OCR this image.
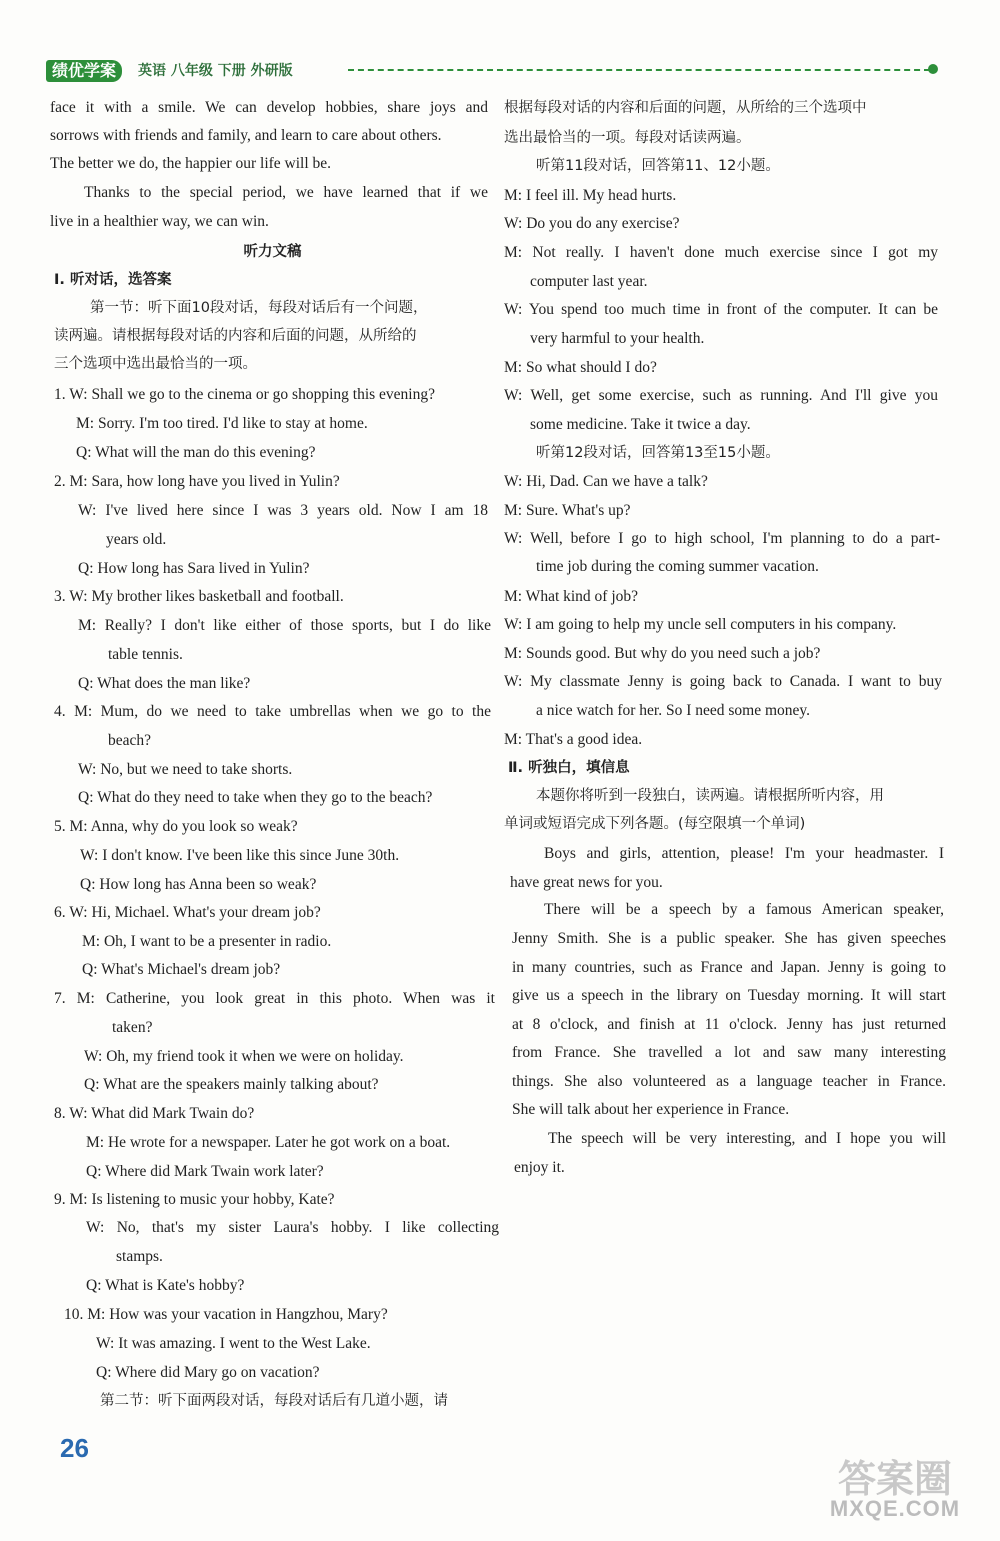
绩优学案	英语 八年级 下册 外研版
face it with a smile. We can develop hobbies, share joys and
sorrows with friends and family, and learn to care about others.
The better we do, the happier our life will be.
Thanks to the special period, we have learned that if we
live in a healthier way, we can win.
听力文稿
Ⅰ. 听对话，选答案
第一节：听下面10段对话，每段对话后有一个问题，
读两遍。请根据每段对话的内容和后面的问题，从所给的
三个选项中选出最恰当的一项。
1. W: Shall we go to the cinema or go shopping this evening?
M: Sorry. I'm too tired. I'd like to stay at home.
Q: What will the man do this evening?
2. M: Sara, how long have you lived in Yulin?
W: I've lived here since I was 3 years old. Now I am 18
years old.
Q: How long has Sara lived in Yulin?
3. W: My brother likes basketball and football.
M: Really? I don't like either of those sports, but I do like
table tennis.
Q: What does the man like?
4. M: Mum, do we need to take umbrellas when we go to the
beach?
W: No, but we need to take shorts.
Q: What do they need to take when they go to the beach?
5. M: Anna, why do you look so weak?
W: I don't know. I've been like this since June 30th.
Q: How long has Anna been so weak?
6. W: Hi, Michael. What's your dream job?
M: Oh, I want to be a presenter in radio.
Q: What's Michael's dream job?
7. M: Catherine, you look great in this photo. When was it
taken?
W: Oh, my friend took it when we were on holiday.
Q: What are the speakers mainly talking about?
8. W: What did Mark Twain do?
M: He wrote for a newspaper. Later he got work on a boat.
Q: Where did Mark Twain work later?
9. M: Is listening to music your hobby, Kate?
W: No, that's my sister Laura's hobby. I like collecting
stamps.
Q: What is Kate's hobby?
10. M: How was your vacation in Hangzhou, Mary?
W: It was amazing. I went to the West Lake.
Q: Where did Mary go on vacation?
第二节：听下面两段对话，每段对话后有几道小题，请
根据每段对话的内容和后面的问题，从所给的三个选项中
选出最恰当的一项。每段对话读两遍。
听第11段对话，回答第11、12小题。
M: I feel ill. My head hurts.
W: Do you do any exercise?
M: Not really. I haven't done much exercise since I got my
computer last year.
W: You spend too much time in front of the computer. It can be
very harmful to your health.
M: So what should I do?
W: Well, get some exercise, such as running. And I'll give you
some medicine. Take it twice a day.
听第12段对话，回答第13至15小题。
W: Hi, Dad. Can we have a talk?
M: Sure. What's up?
W: Well, before I go to high school, I'm planning to do a part-
time job during the coming summer vacation.
M: What kind of job?
W: I am going to help my uncle sell computers in his company.
M: Sounds good. But why do you need such a job?
W: My classmate Jenny is going back to Canada. I want to buy
a nice watch for her. So I need some money.
M: That's a good idea.
Ⅱ. 听独白，填信息
本题你将听到一段独白，读两遍。请根据所听内容，用
单词或短语完成下列各题。(每空限填一个单词)
Boys and girls, attention, please! I'm your headmaster. I
have great news for you.
There will be a speech by a famous American speaker,
Jenny Smith. She is a public speaker. She has given speeches
in many countries, such as France and Japan. Jenny is going to
give us a speech in the library on Tuesday morning. It will start
at 8 o'clock, and finish at 11 o'clock. Jenny has just returned
from France. She travelled a lot and saw many interesting
things. She also volunteered as a language teacher in France.
She will talk about her experience in France.
The speech will be very interesting, and I hope you will
enjoy it.
26
答案圈
MXQE.COM
